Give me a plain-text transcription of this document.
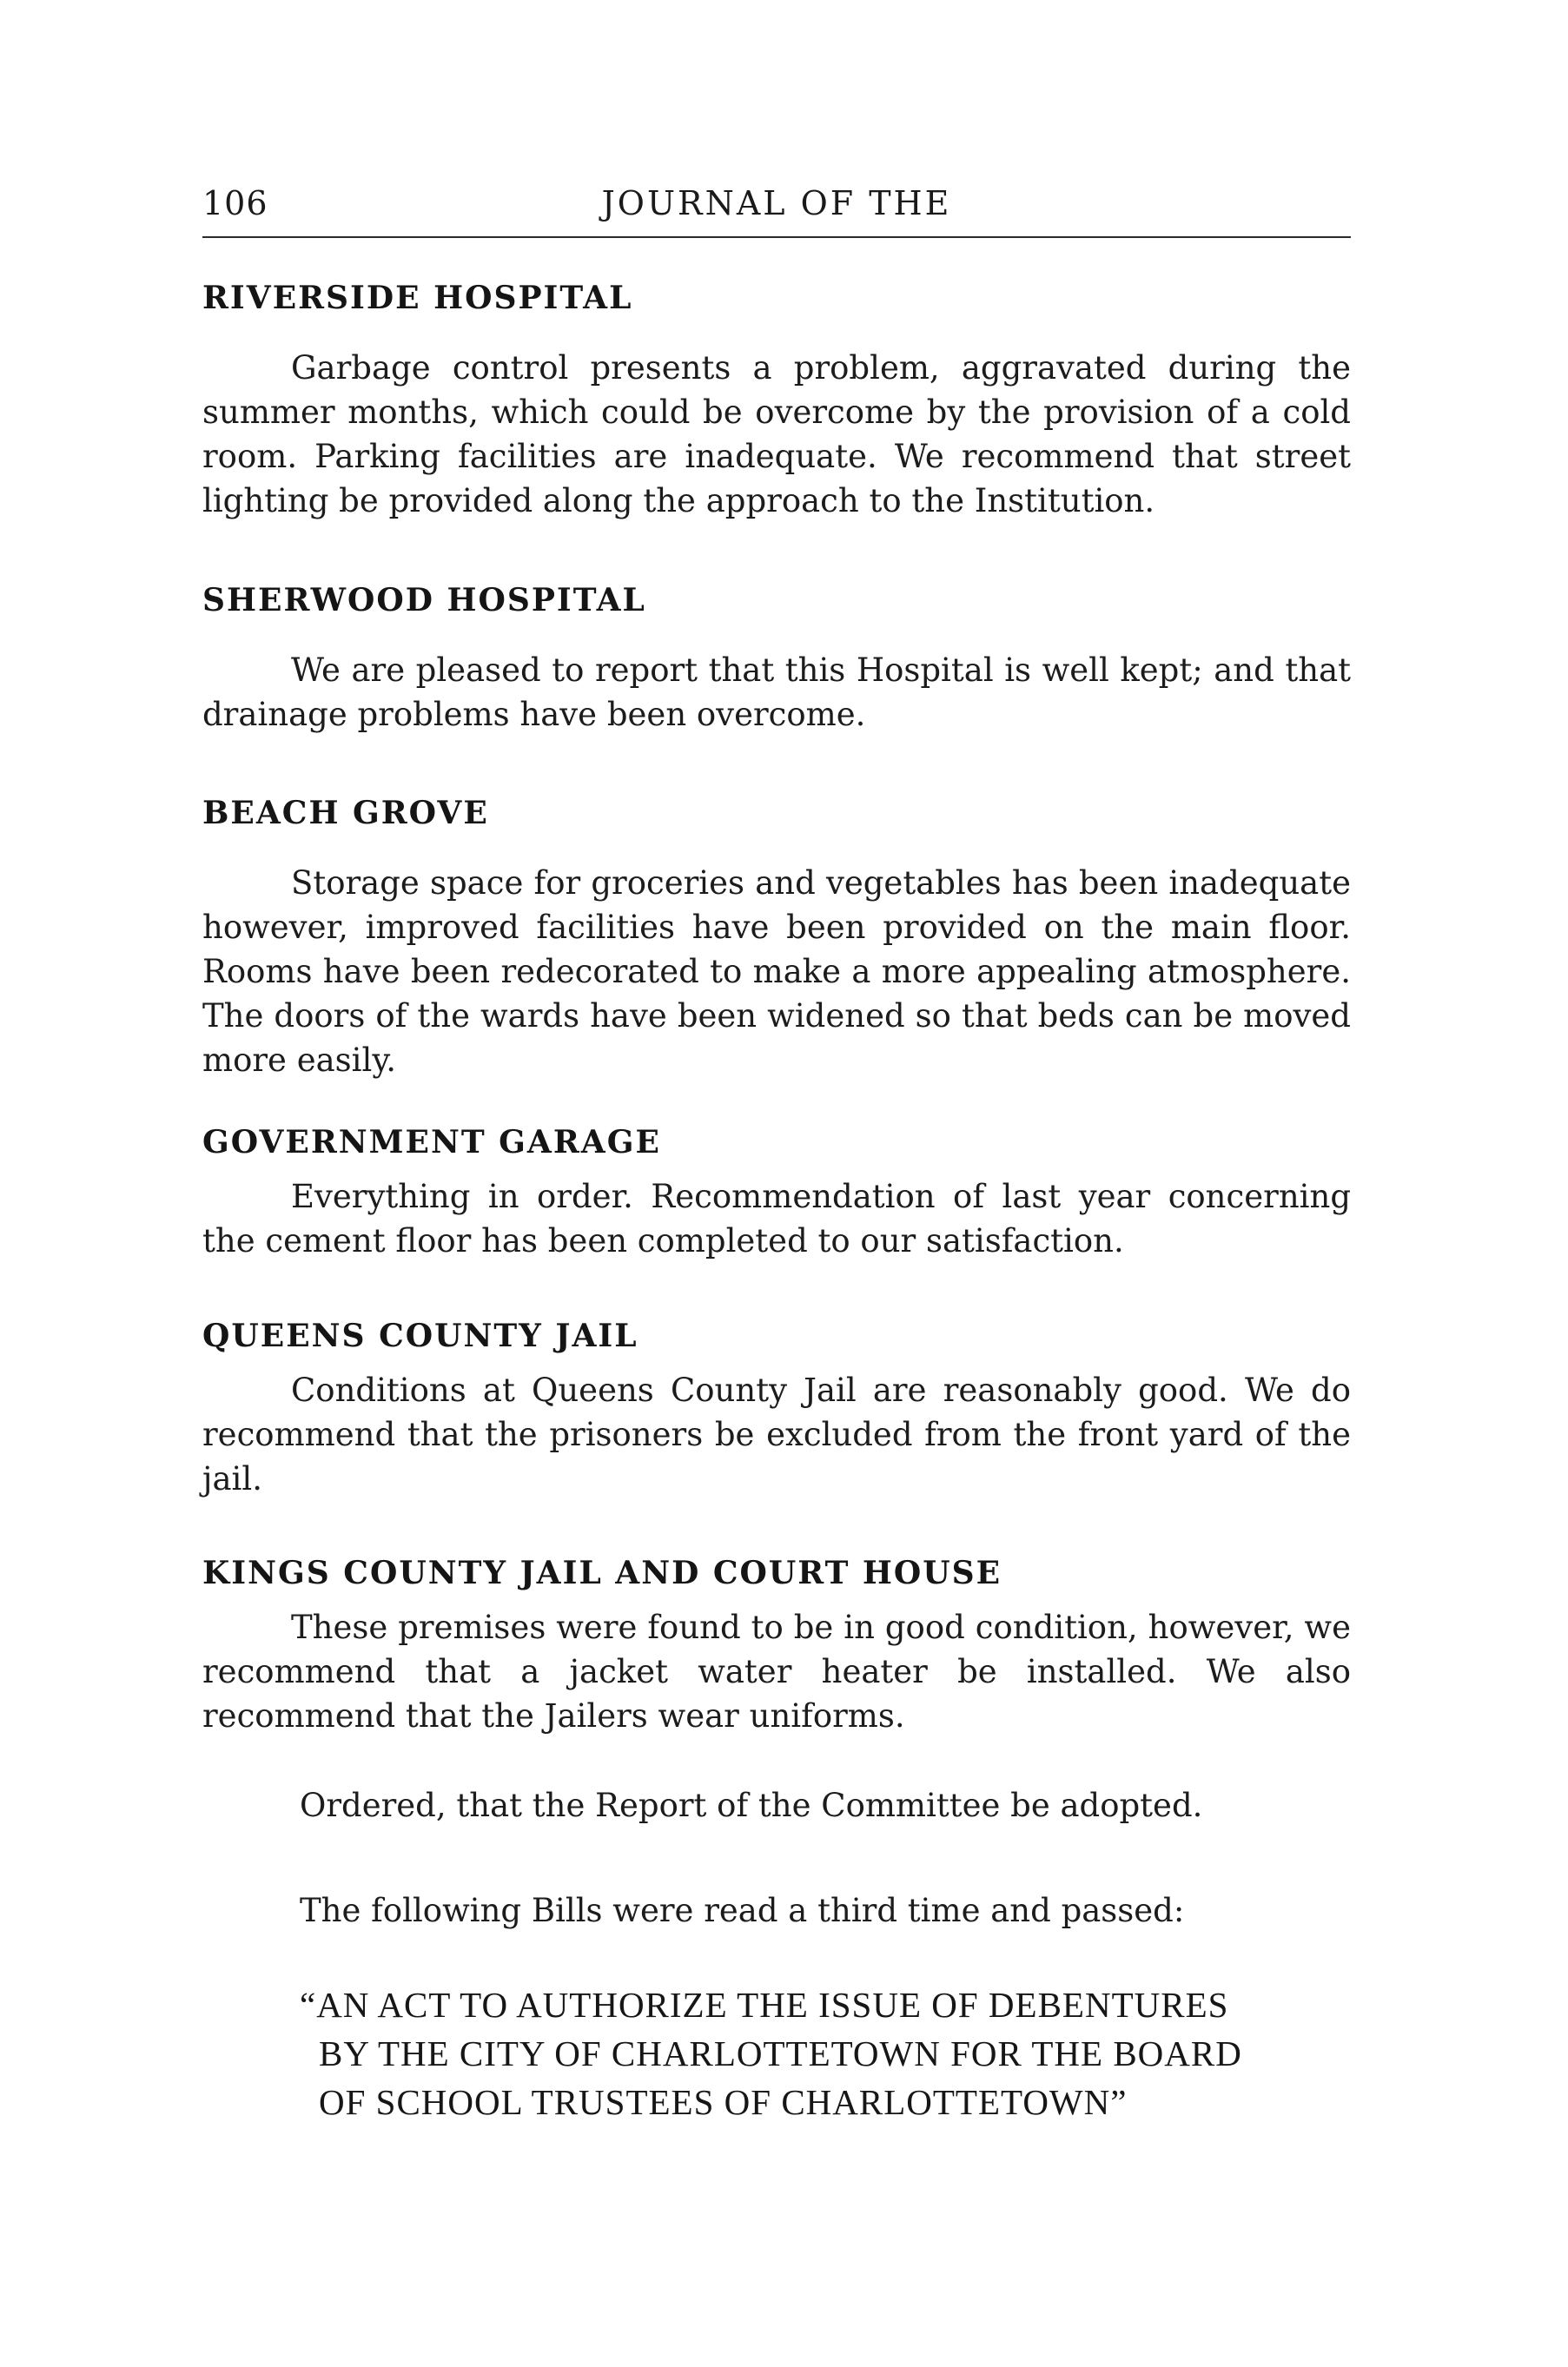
106	JOURNAL OF THE
RIVERSIDE HOSPITAL

Garbage control presents a problem, aggravated during the summer months, which could be overcome by the provision of a cold room. Parking facilities are inadequate. We recommend that street lighting be provided along the approach to the Institution.

SHERWOOD HOSPITAL

We are pleased to report that this Hospital is well kept; and that drainage problems have been overcome.

BEACH GROVE

Storage space for groceries and vegetables has been inadequate however, improved facilities have been provided on the main floor. Rooms have been redecorated to make a more appealing atmosphere. The doors of the wards have been widened so that beds can be moved more easily.

GOVERNMENT GARAGE

Everything in order. Recommendation of last year concerning the cement floor has been completed to our satisfaction.

QUEENS COUNTY JAIL

Conditions at Queens County Jail are reasonably good. We do recommend that the prisoners be excluded from the front yard of the jail.

KINGS COUNTY JAIL AND COURT HOUSE

These premises were found to be in good condition, however, we recommend that a jacket water heater be installed. We also recommend that the Jailers wear uniforms.

Ordered, that the Report of the Committee be adopted.
The following Bills were read a third time and passed:
“AN ACT TO AUTHORIZE THE ISSUE OF DEBENTURES
BY THE CITY OF CHARLOTTETOWN FOR THE BOARD
OF SCHOOL TRUSTEES OF CHARLOTTETOWN”
